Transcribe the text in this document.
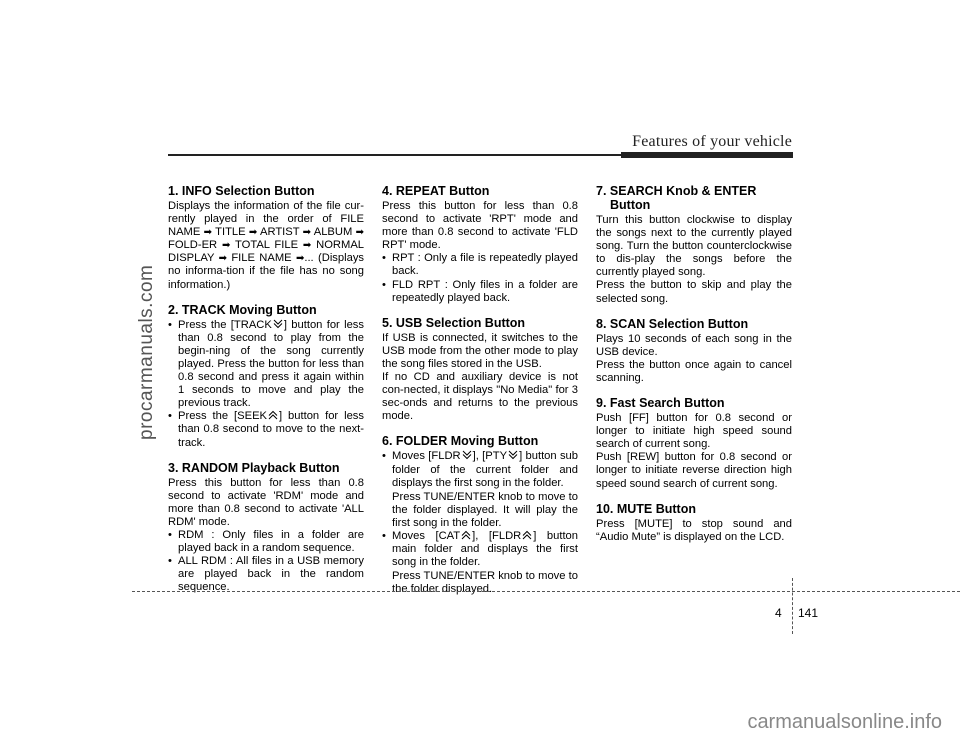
Features of your vehicle
procarmanuals.com
1. INFO Selection Button

Displays the information of the file cur-rently played in the order of FILE NAME ➡ TITLE ➡ ARTIST ➡ ALBUM ➡ FOLD-ER ➡ TOTAL FILE ➡ NORMAL DISPLAY ➡ FILE NAME ➡... (Displays no informa-tion if the file has no song information.)

2. TRACK Moving Button
• Press the [TRACK ] button for less than 0.8 second to play from the begin-ning of the song currently played. Press the button for less than 0.8 second and press it again within 1 seconds to move and play the previous track.
• Press the [SEEK ] button for less than 0.8 second to move to the next-track.
3. RANDOM Playback Button

Press this button for less than 0.8 second to activate 'RDM' mode and more than 0.8 second to activate 'ALL RDM' mode.

• RDM : Only files in a folder are played back in a random sequence.
• ALL RDM : All files in a USB memory are played back in the random sequence.
4. REPEAT Button

Press this button for less than 0.8 second to activate 'RPT' mode and more than 0.8 second to activate 'FLD RPT' mode.

• RPT : Only a file is repeatedly played back.
• FLD RPT : Only files in a folder are repeatedly played back.
5. USB Selection Button

If USB is connected, it switches to the USB mode from the other mode to play the song files stored in the USB.

If no CD and auxiliary device is not con-nected, it displays "No Media" for 3 sec-onds and returns to the previous mode.

6. FOLDER Moving Button
• Moves [FLDR ], [PTY ] button sub folder of the current folder and displays the first song in the folder.
Press TUNE/ENTER knob to move to the folder displayed. It will play the first song in the folder.
• Moves [CAT ], [FLDR ] button main folder and displays the first song in the folder.
Press TUNE/ENTER knob to move to the folder displayed.
7. SEARCH Knob & ENTER
Button

Turn this button clockwise to display the songs next to the currently played song. Turn the button counterclockwise to dis-play the songs before the currently played song.

Press the button to skip and play the selected song.

8. SCAN Selection Button

Plays 10 seconds of each song in the USB device.

Press the button once again to cancel scanning.

9. Fast Search Button

Push [FF] button for 0.8 second or longer to initiate high speed sound search of current song.

Push [REW] button for 0.8 second or longer to initiate reverse direction high speed sound search of current song.

10. MUTE Button

Press [MUTE] to stop sound and “Audio Mute” is displayed on the LCD.

4 141
carmanualsonline.info
